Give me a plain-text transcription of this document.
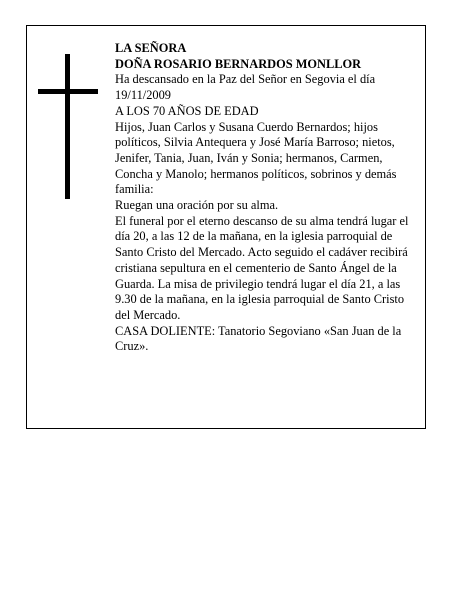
LA SEÑORA

DOÑA ROSARIO BERNARDOS MONLLOR

Ha descansado en la Paz del Señor en Segovia el día 19/11/2009

A LOS 70 AÑOS DE EDAD

Hijos, Juan Carlos y Susana Cuerdo Bernardos; hijos políticos, Silvia Antequera y José María Barroso; nietos, Jenifer, Tania, Juan, Iván y Sonia; hermanos, Carmen, Concha y Manolo; hermanos políticos, sobrinos y demás familia:

Ruegan una oración por su alma.

El funeral por el eterno descanso de su alma tendrá lugar el día 20, a las 12 de la mañana, en la iglesia parroquial de Santo Cristo del Mercado. Acto seguido el cadáver recibirá cristiana sepultura en el cementerio de Santo Ángel de la Guarda. La misa de privilegio tendrá lugar el día 21, a las 9.30 de la mañana, en la iglesia parroquial de Santo Cristo del Mercado.

CASA DOLIENTE: Tanatorio Segoviano «San Juan de la Cruz».
